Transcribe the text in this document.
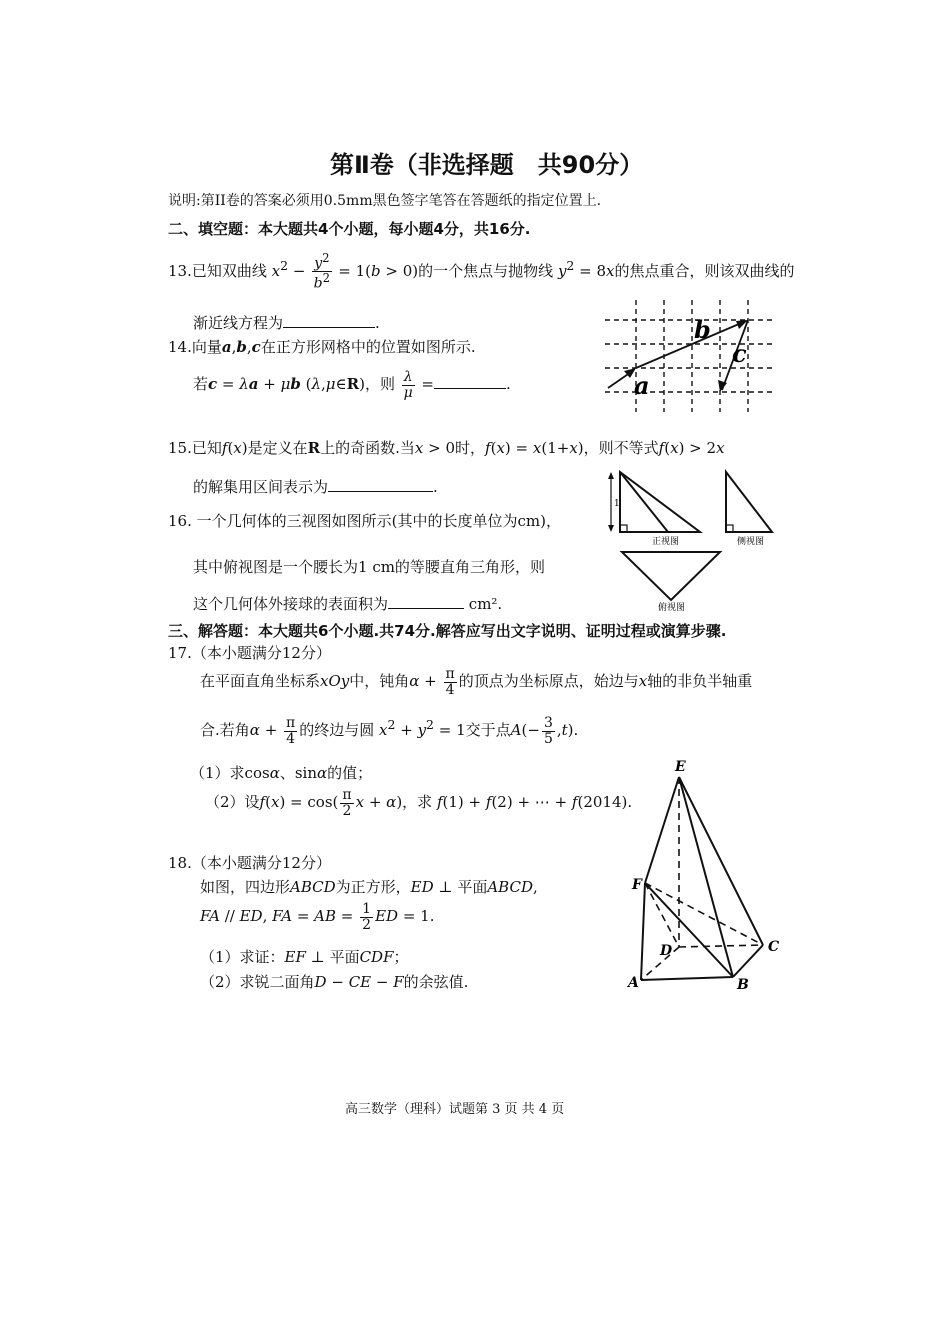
第Ⅱ卷（非选择题　共90分）
说明:第II卷的答案必须用0.5mm黑色签字笔答在答题纸的指定位置上.
二、填空题：本大题共4个小题，每小题4分，共16分.
13.已知双曲线 $x^2 - \frac{y^2}{b^2} = 1(b > 0)$的一个焦点与抛物线 $y^2 = 8x$的焦点重合，则该双曲线的
渐近线方程为	.
14.向量a,b,c在正方形网格中的位置如图所示.
若c = λa + μb (λ,μ∈R)，则 $\frac{\lambda}{\mu}$ =	.
b
c
a
15.已知f(x)是定义在R上的奇函数.当x > 0时，f(x) = x(1+x)，则不等式f(x) > 2x
的解集用区间表示为	.
16. 一个几何体的三视图如图所示(其中的长度单位为cm)，
其中俯视图是一个腰长为1 cm的等腰直角三角形，则
这个几何体外接球的表面积为	cm².
1
正视图	侧视图
俯视图
三、解答题：本大题共6个小题.共74分.解答应写出文字说明、证明过程或演算步骤.
17.（本小题满分12分）
在平面直角坐标系xOy中，钝角$\alpha + \frac{\pi}{4}$ 的顶点为坐标原点，始边与x轴的非负半轴重
合.若角$\alpha + \frac{\pi}{4}$ 的终边与圆 $x^2 + y^2 = 1$交于点$A(- \frac{3}{5} ,t)$.
（1）求cosα、sinα的值；
（2）设$f(x) = \cos( \frac{\pi}{2}$ x + α)，求 f(1) + f(2) + ⋯ + f(2014).
18.（本小题满分12分）
如图，四边形ABCD为正方形，ED ⊥ 平面ABCD,
FA // ED, FA = AB = $\frac{1}{2}$ ED = 1.
（1）求证：EF ⊥ 平面CDF；
（2）求锐二面角D − CE − F的余弦值.
E
F
D	C
A	B
高三数学（理科）试题第 3 页 共 4 页
